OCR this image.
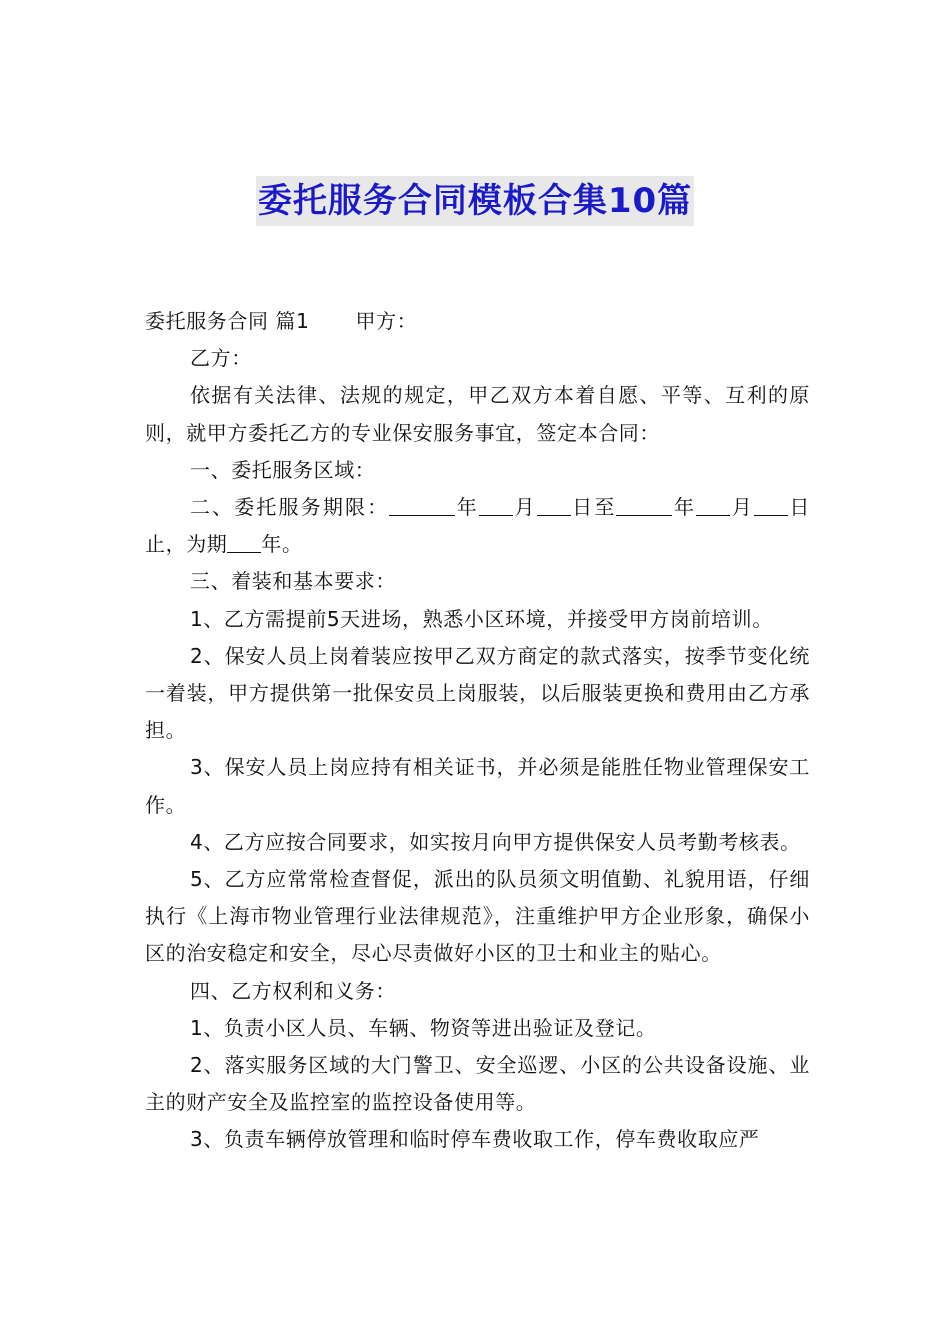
委托服务合同模板合集10篇

委托服务合同 篇1 甲方：

乙方：

依据有关法律、法规的规定，甲乙双方本着自愿、平等、互利的原则，就甲方委托乙方的专业保安服务事宜，签定本合同：

一、委托服务区域：

二、委托服务期限：	年 月 日至	年 月 日止，为期 年。

三、着装和基本要求：

1、乙方需提前5天进场，熟悉小区环境，并接受甲方岗前培训。

2、保安人员上岗着装应按甲乙双方商定的款式落实，按季节变化统一着装，甲方提供第一批保安员上岗服装，以后服装更换和费用由乙方承担。

3、保安人员上岗应持有相关证书，并必须是能胜任物业管理保安工作。

4、乙方应按合同要求，如实按月向甲方提供保安人员考勤考核表。

5、乙方应常常检查督促，派出的队员须文明值勤、礼貌用语，仔细执行《上海市物业管理行业法律规范》，注重维护甲方企业形象，确保小区的治安稳定和安全，尽心尽责做好小区的卫士和业主的贴心。

四、乙方权利和义务：

1、负责小区人员、车辆、物资等进出验证及登记。

2、落实服务区域的大门警卫、安全巡逻、小区的公共设备设施、业主的财产安全及监控室的监控设备使用等。

3、负责车辆停放管理和临时停车费收取工作，停车费收取应严
